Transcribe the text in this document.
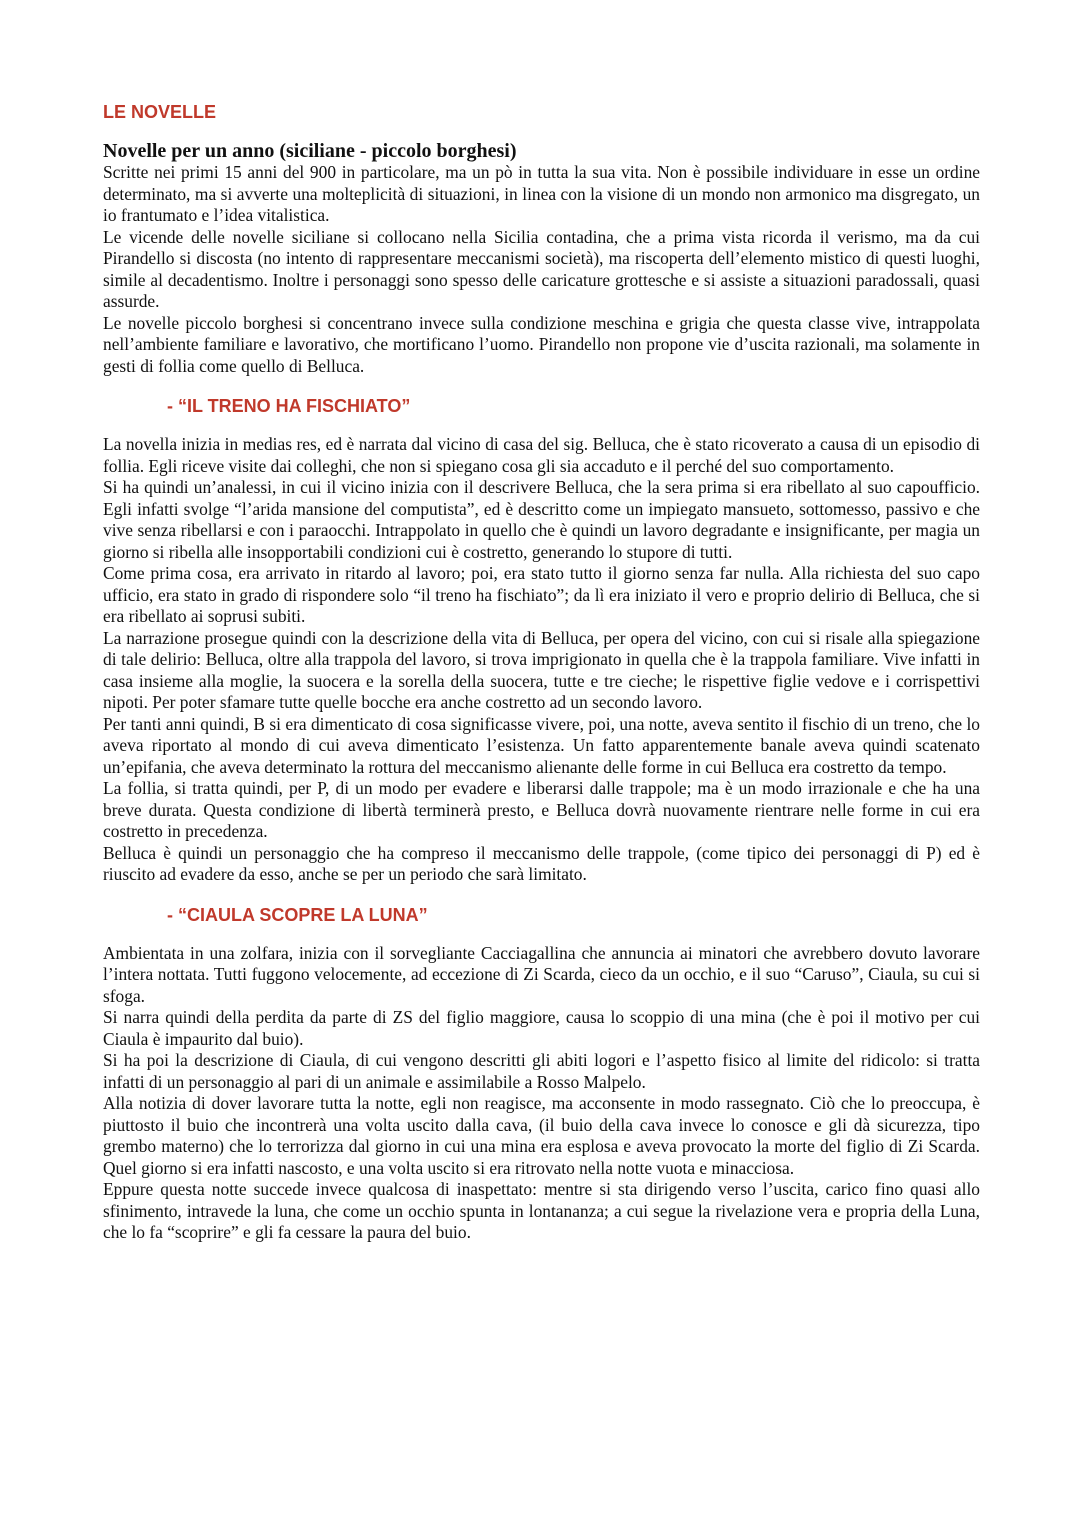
LE NOVELLE
Novelle per un anno (siciliane - piccolo borghesi)

Scritte nei primi 15 anni del 900 in particolare, ma un pò in tutta la sua vita. Non è possibile individuare in esse un ordine determinato, ma si avverte una molteplicità di situazioni, in linea con la visione di un mondo non armonico ma disgregato, un io frantumato e l’idea vitalistica.

Le vicende delle novelle siciliane si collocano nella Sicilia contadina, che a prima vista ricorda il verismo, ma da cui Pirandello si discosta (no intento di rappresentare meccanismi società), ma riscoperta dell’elemento mistico di questi luoghi, simile al decadentismo. Inoltre i personaggi sono spesso delle caricature grottesche e si assiste a situazioni paradossali, quasi assurde.

Le novelle piccolo borghesi si concentrano invece sulla condizione meschina e grigia che questa classe vive, intrappolata nell’ambiente familiare e lavorativo, che mortificano l’uomo. Pirandello non propone vie d’uscita razionali, ma solamente in gesti di follia come quello di Belluca.

- “IL TRENO HA FISCHIATO”

La novella inizia in medias res, ed è narrata dal vicino di casa del sig. Belluca, che è stato ricoverato a causa di un episodio di follia. Egli riceve visite dai colleghi, che non si spiegano cosa gli sia accaduto e il perché del suo comportamento.

Si ha quindi un’analessi, in cui il vicino inizia con il descrivere Belluca, che la sera prima si era ribellato al suo capoufficio. Egli infatti svolge “l’arida mansione del computista”, ed è descritto come un impiegato mansueto, sottomesso, passivo e che vive senza ribellarsi e con i paraocchi. Intrappolato in quello che è quindi un lavoro degradante e insignificante, per magia un giorno si ribella alle insopportabili condizioni cui è costretto, generando lo stupore di tutti.

Come prima cosa, era arrivato in ritardo al lavoro; poi, era stato tutto il giorno senza far nulla. Alla richiesta del suo capo ufficio, era stato in grado di rispondere solo “il treno ha fischiato”; da lì era iniziato il vero e proprio delirio di Belluca, che si era ribellato ai soprusi subiti.

La narrazione prosegue quindi con la descrizione della vita di Belluca, per opera del vicino, con cui si risale alla spiegazione di tale delirio: Belluca, oltre alla trappola del lavoro, si trova imprigionato in quella che è la trappola familiare. Vive infatti in casa insieme alla moglie, la suocera e la sorella della suocera, tutte e tre cieche; le rispettive figlie vedove e i corrispettivi nipoti. Per poter sfamare tutte quelle bocche era anche costretto ad un secondo lavoro.

Per tanti anni quindi, B si era dimenticato di cosa significasse vivere, poi, una notte, aveva sentito il fischio di un treno, che lo aveva riportato al mondo di cui aveva dimenticato l’esistenza. Un fatto apparentemente banale aveva quindi scatenato un’epifania, che aveva determinato la rottura del meccanismo alienante delle forme in cui Belluca era costretto da tempo.

La follia, si tratta quindi, per P, di un modo per evadere e liberarsi dalle trappole; ma è un modo irrazionale e che ha una breve durata. Questa condizione di libertà terminerà presto, e Belluca dovrà nuovamente rientrare nelle forme in cui era costretto in precedenza.

Belluca è quindi un personaggio che ha compreso il meccanismo delle trappole, (come tipico dei personaggi di P) ed è riuscito ad evadere da esso, anche se per un periodo che sarà limitato.

- “CIAULA SCOPRE LA LUNA”

Ambientata in una zolfara, inizia con il sorvegliante Cacciagallina che annuncia ai minatori che avrebbero dovuto lavorare l’intera nottata. Tutti fuggono velocemente, ad eccezione di Zi Scarda, cieco da un occhio, e il suo “Caruso”, Ciaula, su cui si sfoga.

Si narra quindi della perdita da parte di ZS del figlio maggiore, causa lo scoppio di una mina (che è poi il motivo per cui Ciaula è impaurito dal buio).

Si ha poi la descrizione di Ciaula, di cui vengono descritti gli abiti logori e l’aspetto fisico al limite del ridicolo: si tratta infatti di un personaggio al pari di un animale e assimilabile a Rosso Malpelo.

Alla notizia di dover lavorare tutta la notte, egli non reagisce, ma acconsente in modo rassegnato. Ciò che lo preoccupa, è piuttosto il buio che incontrerà una volta uscito dalla cava, (il buio della cava invece lo conosce e gli dà sicurezza, tipo grembo materno) che lo terrorizza dal giorno in cui una mina era esplosa e aveva provocato la morte del figlio di Zi Scarda. Quel giorno si era infatti nascosto, e una volta uscito si era ritrovato nella notte vuota e minacciosa.

Eppure questa notte succede invece qualcosa di inaspettato: mentre si sta dirigendo verso l’uscita, carico fino quasi allo sfinimento, intravede la luna, che come un occhio spunta in lontananza; a cui segue la rivelazione vera e propria della Luna, che lo fa “scoprire” e gli fa cessare la paura del buio.
